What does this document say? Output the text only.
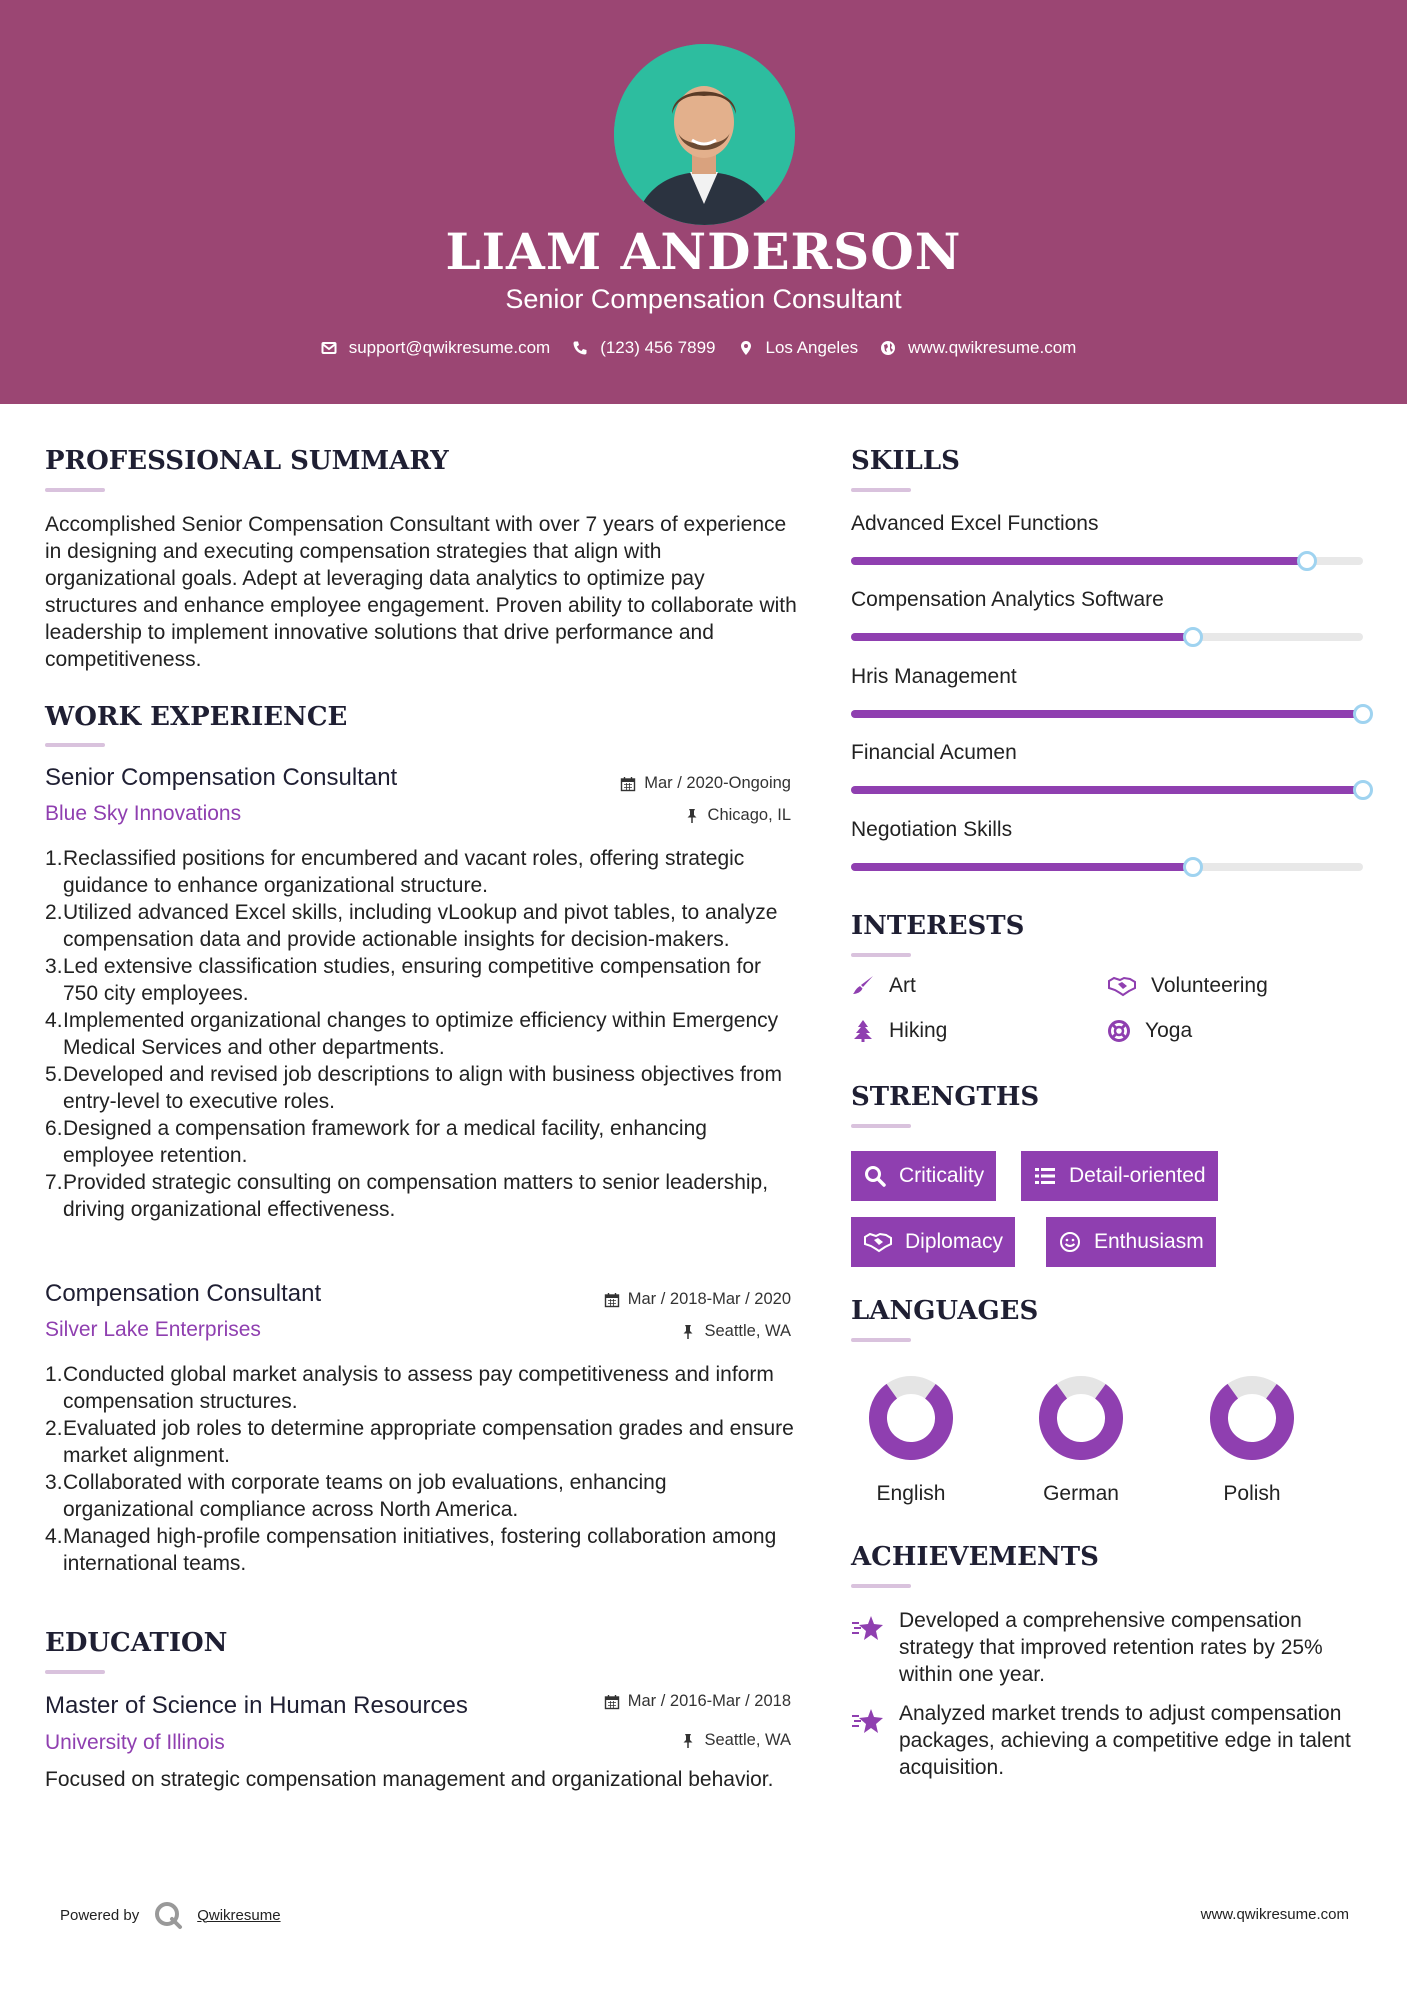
LIAM ANDERSON
Senior Compensation Consultant
support@qwikresume.com	(123) 456 7899	Los Angeles	www.qwikresume.com
PROFESSIONAL SUMMARY
Accomplished Senior Compensation Consultant with over 7 years of experience in designing and executing compensation strategies that align with organizational goals. Adept at leveraging data analytics to optimize pay structures and enhance employee engagement. Proven ability to collaborate with leadership to implement innovative solutions that drive performance and competitiveness.
WORK EXPERIENCE
Senior Compensation Consultant	Mar / 2020-Ongoing
Blue Sky Innovations	Chicago, IL
Reclassified positions for encumbered and vacant roles, offering strategic guidance to enhance organizational structure.
Utilized advanced Excel skills, including vLookup and pivot tables, to analyze compensation data and provide actionable insights for decision-makers.
Led extensive classification studies, ensuring competitive compensation for 750 city employees.
Implemented organizational changes to optimize efficiency within Emergency Medical Services and other departments.
Developed and revised job descriptions to align with business objectives from entry-level to executive roles.
Designed a compensation framework for a medical facility, enhancing employee retention.
Provided strategic consulting on compensation matters to senior leadership, driving organizational effectiveness.
Compensation Consultant	Mar / 2018-Mar / 2020
Silver Lake Enterprises	Seattle, WA
Conducted global market analysis to assess pay competitiveness and inform compensation structures.
Evaluated job roles to determine appropriate compensation grades and ensure market alignment.
Collaborated with corporate teams on job evaluations, enhancing organizational compliance across North America.
Managed high-profile compensation initiatives, fostering collaboration among international teams.
EDUCATION
Master of Science in Human Resources	Mar / 2016-Mar / 2018
University of Illinois	Seattle, WA
Focused on strategic compensation management and organizational behavior.
SKILLS
Advanced Excel Functions
Compensation Analytics Software
Hris Management
Financial Acumen
Negotiation Skills
INTERESTS
Art	Volunteering
Hiking	Yoga
STRENGTHS
Criticality	Detail-oriented
Diplomacy	Enthusiasm
LANGUAGES
English	German	Polish
ACHIEVEMENTS
Developed a comprehensive compensation strategy that improved retention rates by 25% within one year.
Analyzed market trends to adjust compensation packages, achieving a competitive edge in talent acquisition.
Powered by	Qwikresume	www.qwikresume.com
